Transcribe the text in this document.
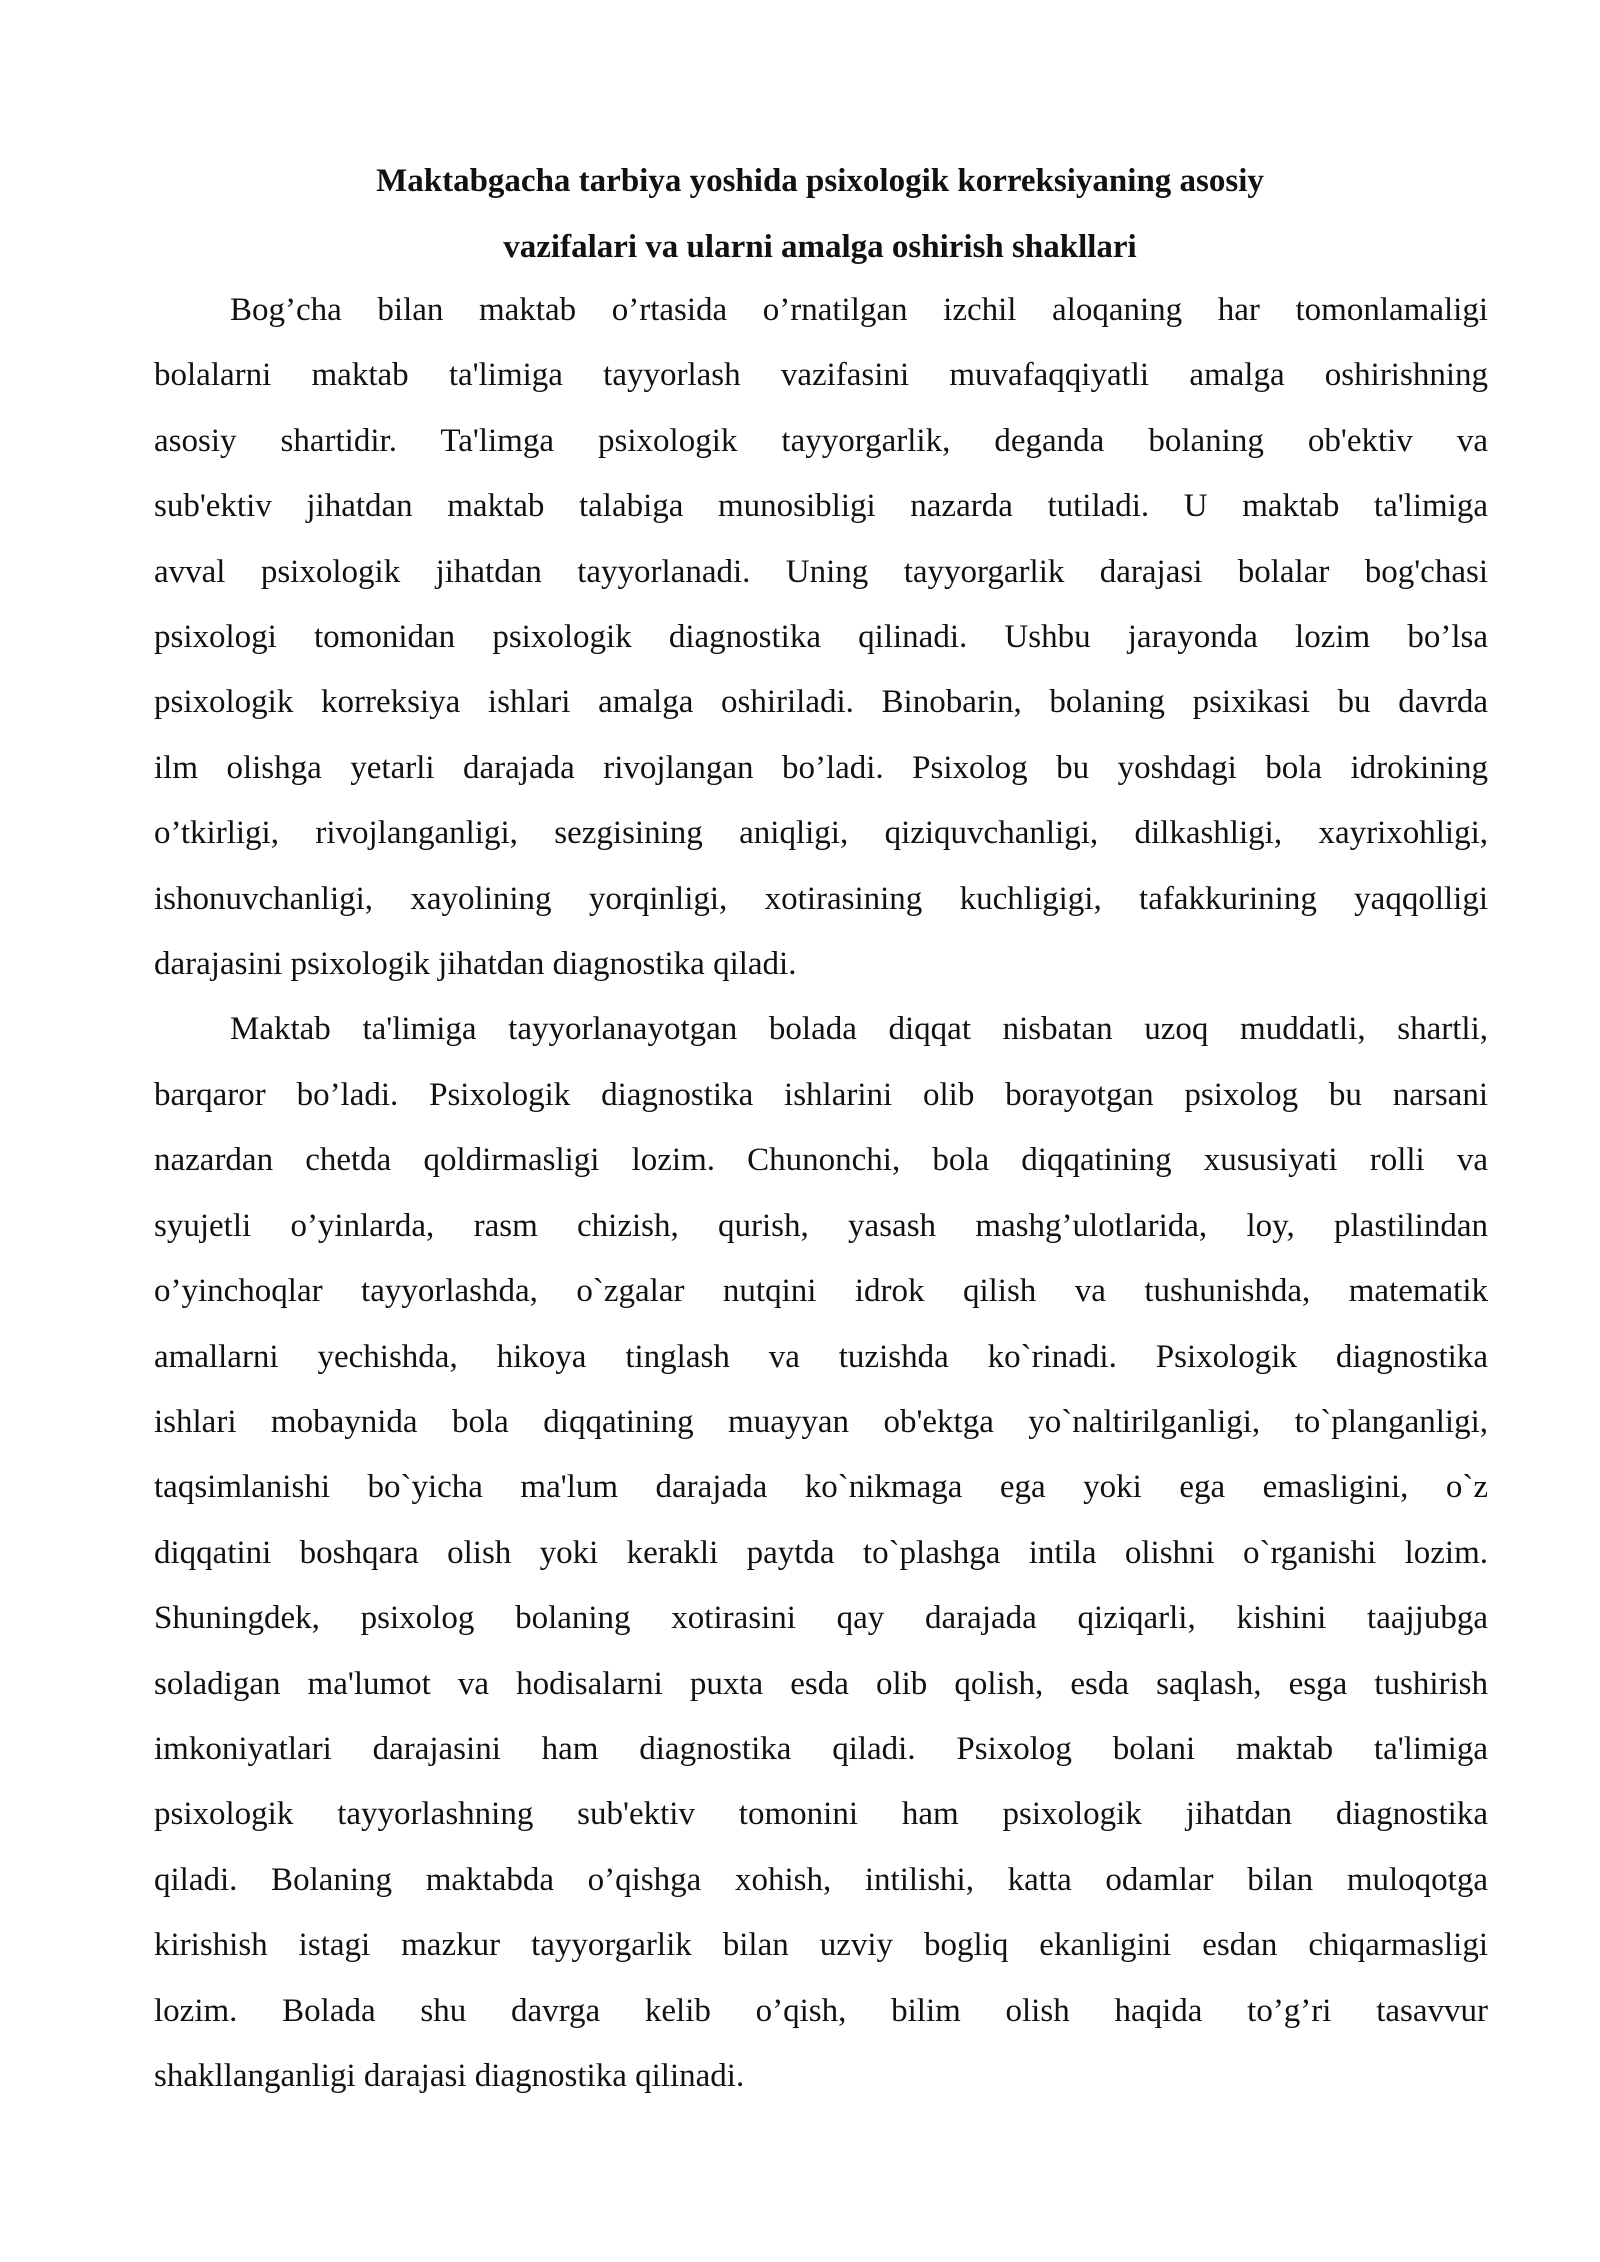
Maktabgacha tarbiya yoshida psixologik korreksiyaning asosiy
vazifalari va ularni amalga oshirish shakllari
Bog’cha bilan maktab o’rtasida o’rnatilgan izchil aloqaning har tomonlamaligi
bolalarni maktab ta'limiga tayyorlash vazifasini muvafaqqiyatli amalga oshirishning
asosiy shartidir. Ta'limga psixologik tayyorgarlik, deganda bolaning ob'ektiv va
sub'ektiv jihatdan maktab talabiga munosibligi nazarda tutiladi. U maktab ta'limiga
avval psixologik jihatdan tayyorlanadi. Uning tayyorgarlik darajasi bolalar bog'chasi
psixologi tomonidan psixologik diagnostika qilinadi. Ushbu jarayonda lozim bo’lsa
psixologik korreksiya ishlari amalga oshiriladi. Binobarin, bolaning psixikasi bu davrda
ilm olishga yetarli darajada rivojlangan bo’ladi. Psixolog bu yoshdagi bola idrokining
o’tkirligi, rivojlanganligi, sezgisining aniqligi, qiziquvchanligi, dilkashligi, xayrixohligi,
ishonuvchanligi, xayolining yorqinligi, xotirasining kuchligigi, tafakkurining yaqqolligi
darajasini psixologik jihatdan diagnostika qiladi.
Maktab ta'limiga tayyorlanayotgan bolada diqqat nisbatan uzoq muddatli, shartli,
barqaror bo’ladi. Psixologik diagnostika ishlarini olib borayotgan psixolog bu narsani
nazardan chetda qoldirmasligi lozim. Chunonchi, bola diqqatining xususiyati rolli va
syujetli o’yinlarda, rasm chizish, qurish, yasash mashg’ulotlarida, loy, plastilindan
o’yinchoqlar tayyorlashda, o`zgalar nutqini idrok qilish va tushunishda, matematik
amallarni yechishda, hikoya tinglash va tuzishda ko`rinadi. Psixologik diagnostika
ishlari mobaynida bola diqqatining muayyan ob'ektga yo`naltirilganligi, to`planganligi,
taqsimlanishi bo`yicha ma'lum darajada ko`nikmaga ega yoki ega emasligini, o`z
diqqatini boshqara olish yoki kerakli paytda to`plashga intila olishni o`rganishi lozim.
Shuningdek, psixolog bolaning xotirasini qay darajada qiziqarli, kishini taajjubga
soladigan ma'lumot va hodisalarni puxta esda olib qolish, esda saqlash, esga tushirish
imkoniyatlari darajasini ham diagnostika qiladi. Psixolog bolani maktab ta'limiga
psixologik tayyorlashning sub'ektiv tomonini ham psixologik jihatdan diagnostika
qiladi. Bolaning maktabda o’qishga xohish, intilishi, katta odamlar bilan muloqotga
kirishish istagi mazkur tayyorgarlik bilan uzviy bogliq ekanligini esdan chiqarmasligi
lozim. Bolada shu davrga kelib o’qish, bilim olish haqida to’g’ri tasavvur
shakllanganligi darajasi diagnostika qilinadi.
